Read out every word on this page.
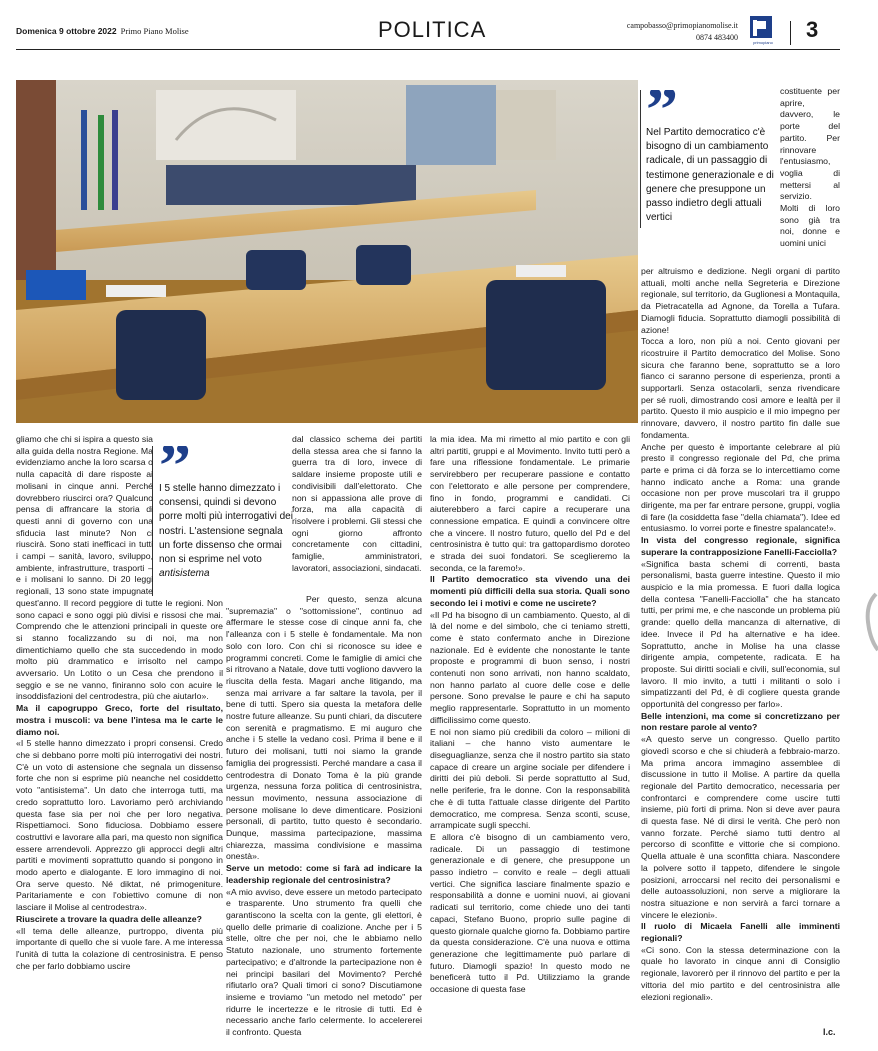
Domenica 9 ottobre 2022 Primo Piano Molise	POLITICA	campobasso@primopianomolise.it
0874 483400
primopiano
3
”
I 5 stelle hanno dimezzato i consensi, quindi si devono porre molti più interrogativi dei nostri. L'astensione segnala un forte dissenso che ormai non si esprime nel voto antisistema
”
Nel Partito democratico c'è bisogno di un cambiamento radicale, di un passaggio di testimone generazionale e di genere che presuppone un passo indietro degli attuali vertici

gliamo che chi si ispira a questo sia alla guida della nostra Regione. Ma evidenziamo anche la loro scarsa o nulla capacità di dare risposte ai molisani in cinque anni. Perché dovrebbero riuscirci ora? Qualcuno pensa di affrancare la storia di questi anni di governo con una sfiducia last minute? Non ci riuscirà. Sono stati inefficaci in tutti i campi – sanità, lavoro, sviluppo, ambiente, infrastrutture, trasporti – e i molisani lo sanno. Di 20 leggi regionali, 13 sono state impugnate quest'anno. Il record peggiore di tutte le regioni. Non sono capaci e sono oggi più divisi e rissosi che mai. Comprendo che le attenzioni principali in queste ore si stanno focalizzando su di noi, ma non dimentichiamo quello che sta succedendo in modo molto più drammatico e irrisolto nel campo avversario. Un Lotito o un Cesa che prendono il seggio e se ne vanno, finiranno solo con acuire le insoddisfazioni del centrodestra, più che aiutarlo».

Ma il capogruppo Greco, forte del risultato, mostra i muscoli: va bene l'intesa ma le carte le diamo noi.

«I 5 stelle hanno dimezzato i propri consensi. Credo che si debbano porre molti più interrogativi dei nostri. C'è un voto di astensione che segnala un dissenso forte che non si esprime più neanche nel cosiddetto voto "antisistema". Un dato che interroga tutti, ma credo soprattutto loro. Lavoriamo però archiviando questa fase sia per noi che per loro negativa. Rispettiamoci. Sono fiduciosa. Dobbiamo essere costruttivi e lavorare alla pari, ma questo non significa essere arrendevoli. Apprezzo gli approcci degli altri partiti e movimenti soprattutto quando si pongono in modo aperto e dialogante. E loro immagino di noi. Ora serve questo. Né diktat, né primogeniture. Paritariamente e con l'obiettivo comune di non lasciare il Molise al centrodestra».

Riuscirete a trovare la quadra delle alleanze?

«Il tema delle alleanze, purtroppo, diventa più importante di quello che si vuole fare. A me interessa l'unità di tutta la colazione di centrosinistra. E penso che per farlo dobbiamo uscire

dal classico schema dei partiti della stessa area che si fanno la guerra tra di loro, invece di saldare insieme proposte utili e condivisibili dall'elettorato. Che non si appassiona alle prove di forza, ma alla capacità di risolvere i problemi. Gli stessi che ogni giorno affronto concretamente con cittadini, famiglie, amministratori, lavoratori, associazioni, sindacati.

Per questo, senza alcuna "supremazia" o "sottomissione", continuo ad affermare le stesse cose di cinque anni fa, che l'alleanza con i 5 stelle è fondamentale. Ma non solo con loro. Con chi si riconosce su idee e programmi concreti. Come le famiglie di amici che si ritrovano a Natale, dove tutti vogliono davvero la riuscita della festa. Magari anche litigando, ma senza mai arrivare a far saltare la tavola, per il bene di tutti. Spero sia questa la metafora delle nostre future alleanze. Su punti chiari, da discutere con serenità e pragmatismo. E mi auguro che anche i 5 stelle la vedano così. Prima il bene e il futuro dei molisani, tutti noi siamo la grande famiglia dei progressisti. Perché mandare a casa il centrodestra di Donato Toma è la più grande urgenza, nessuna forza politica di centrosinistra, nessun movimento, nessuna associazione di persone molisane lo deve dimenticare. Posizioni personali, di partito, tutto questo è secondario. Dunque, massima partecipazione, massima chiarezza, massima condivisione e massima onestà».

Serve un metodo: come si farà ad indicare la leadership regionale del centrosinistra?

«A mio avviso, deve essere un metodo partecipato e trasparente. Uno strumento fra quelli che garantiscono la scelta con la gente, gli elettori, è quello delle primarie di coalizione. Anche per i 5 stelle, oltre che per noi, che le abbiamo nello Statuto nazionale, uno strumento fortemente partecipativo; e d'altronde la partecipazione non è nei principi basilari del Movimento? Perché rifiutarlo ora? Quali timori ci sono? Discutiamone insieme e troviamo "un metodo nel metodo" per ridurre le incertezze e le ritrosie di tutti. Ed è necessario anche farlo celermente. Io accelererei il confronto. Questa

la mia idea. Ma mi rimetto al mio partito e con gli altri partiti, gruppi e al Movimento. Invito tutti però a fare una riflessione fondamentale. Le primarie servirebbero per recuperare passione e contatto con l'elettorato e alle persone per comprendere, fino in fondo, programmi e candidati. Ci aiuterebbero a farci capire a recuperare una connessione empatica. E quindi a convincere oltre che a vincere. Il nostro futuro, quello del Pd e del centrosinistra è tutto qui: tra gattopardismo doroteo e strada dei suoi fondatori. Se sceglieremo la seconda, ce la faremo!».

Il Partito democratico sta vivendo una dei momenti più difficili della sua storia. Quali sono secondo lei i motivi e come ne uscirete?

«Il Pd ha bisogno di un cambiamento. Questo, al di là del nome e del simbolo, che ci teniamo stretti, come è stato confermato anche in Direzione nazionale. Ed è evidente che nonostante le tante proposte e programmi di buon senso, i nostri contenuti non sono arrivati, non hanno scaldato, non hanno parlato al cuore delle cose e delle persone. Sono prevalse le paure e chi ha saputo meglio rappresentarle. Soprattutto in un momento difficilissimo come questo.

E noi non siamo più credibili da coloro – milioni di italiani – che hanno visto aumentare le diseguaglianze, senza che il nostro partito sia stato capace di creare un argine sociale per difendere i diritti dei più deboli. Si perde soprattutto al Sud, nelle periferie, fra le donne. Con la responsabilità che è di tutta l'attuale classe dirigente del Partito democratico, me compresa. Senza sconti, scuse, arrampicate sugli specchi.

E allora c'è bisogno di un cambiamento vero, radicale. Di un passaggio di testimone generazionale e di genere, che presuppone un passo indietro – convito e reale – degli attuali vertici. Che significa lasciare finalmente spazio e responsabilità a donne e uomini nuovi, ai giovani radicati sul territorio, come chiede uno dei tanti capaci, Stefano Buono, proprio sulle pagine di questo giornale qualche giorno fa. Dobbiamo partire da questa considerazione. C'è una nuova e ottima generazione che legittimamente può parlare di futuro. Diamogli spazio! In questo modo ne beneficerà tutto il Pd. Utilizziamo la grande occasione di questa fase

costituente per aprire, davvero, le porte del partito. Per rinnovare l'entusiasmo, voglia di mettersi al servizio.

Molti di loro sono già tra noi, donne e uomini unici

per altruismo e dedizione. Negli organi di partito attuali, molti anche nella Segreteria e Direzione regionale, sul territorio, da Guglionesi a Montaquila, da Pietracatella ad Agnone, da Torella a Tufara. Diamogli fiducia. Soprattutto diamogli possibilità di azione!

Tocca a loro, non più a noi. Cento giovani per ricostruire il Partito democratico del Molise. Sono sicura che faranno bene, soprattutto se a loro fianco ci saranno persone di esperienza, pronti a supportarli. Senza ostacolarli, senza rivendicare per sé ruoli, dimostrando così amore e lealtà per il partito. Questo il mio auspicio e il mio impegno per rinnovare, davvero, il nostro partito fin dalle sue fondamenta.

Anche per questo è importante celebrare al più presto il congresso regionale del Pd, che prima parte e prima ci dà forza se lo intercettiamo come hanno indicato anche a Roma: una grande occasione non per prove muscolari tra il gruppo dirigente, ma per far entrare persone, gruppi, voglia di fare (la cosiddetta fase "della chiamata"). Idee ed entusiasmo. Io vorrei porte e finestre spalancate!».

In vista del congresso regionale, significa superare la contrapposizione Fanelli-Facciolla?

«Significa basta schemi di correnti, basta personalismi, basta guerre intestine. Questo il mio auspicio e la mia promessa. E fuori dalla logica della contesa "Fanelli-Facciolla" che ha stancato tutti, per primi me, e che nasconde un problema più grande: quello della mancanza di alternative, di idee. Invece il Pd ha alternative e ha idee. Soprattutto, anche in Molise ha una classe dirigente ampia, competente, radicata. E ha proposte. Sui diritti sociali e civili, sull'economia, sul lavoro. Il mio invito, a tutti i militanti o solo i simpatizzanti del Pd, è di cogliere questa grande opportunità del congresso per farlo».

Belle intenzioni, ma come si concretizzano per non restare parole al vento?

«A questo serve un congresso. Quello partito giovedì scorso e che si chiuderà a febbraio-marzo. Ma prima ancora immagino assemblee di discussione in tutto il Molise. A partire da quella regionale del Partito democratico, necessaria per confrontarci e comprendere come uscire tutti insieme, più forti di prima. Non si deve aver paura di questa fase. Né di dirsi le verità. Che però non vanno forzate. Perché siamo tutti dentro al percorso di sconfitte e vittorie che si compiono. Quella attuale è una sconfitta chiara. Nascondere la polvere sotto il tappeto, difendere le singole posizioni, arroccarsi nel recito dei personalismi e delle autoassoluzioni, non serve a migliorare la nostra situazione e non servirà a farci tornare a vincere le elezioni».

Il ruolo di Micaela Fanelli alle imminenti regionali?

«Ci sono. Con la stessa determinazione con la quale ho lavorato in cinque anni di Consiglio regionale, lavorerò per il rinnovo del partito e per la vittoria del mio partito e del centrosinistra alle elezioni regionali».

l.c.
